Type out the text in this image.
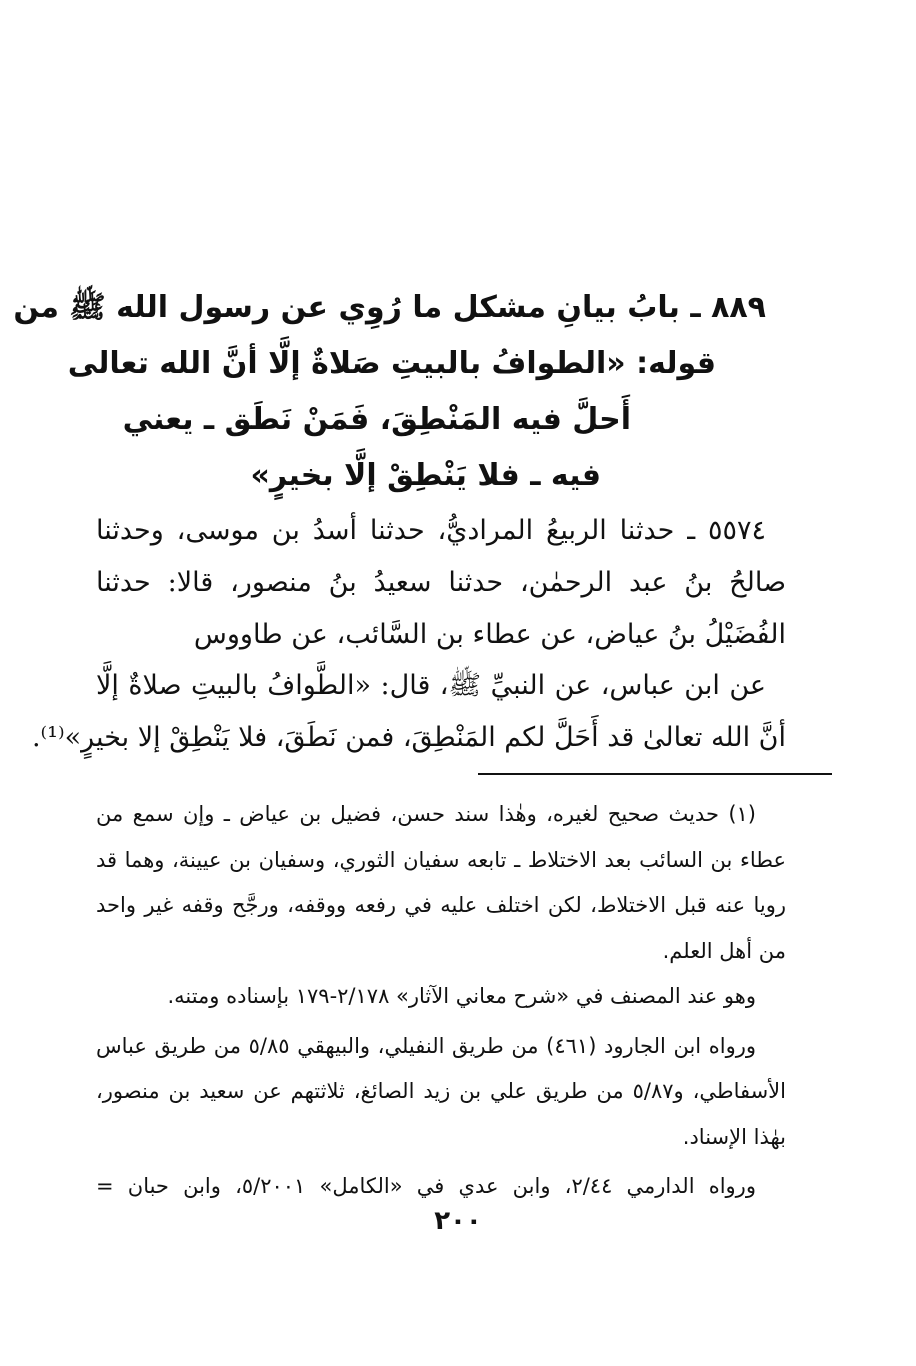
٨٨٩ ـ بابُ بيانِ مشكل ما رُوِي عن رسول الله ﷺ من
قوله: «الطوافُ بالبيتِ صَلاةٌ إلَّا أنَّ الله تعالى
أَحلَّ فيه المَنْطِقَ، فَمَنْ نَطَق ـ يعني
فيه ـ فلا يَنْطِقْ إلَّا بخيرٍ»
٥٥٧٤ ـ حدثنا الربيعُ المراديُّ، حدثنا أسدُ بن موسى، وحدثنا
صالحُ بنُ عبد الرحمٰن، حدثنا سعيدُ بنُ منصور، قالا: حدثنا
الفُضَيْلُ بنُ عياض، عن عطاء بن السَّائب، عن طاووس
عن ابن عباس، عن النبيِّ ﷺ، قال: «الطَّوافُ بالبيتِ صلاةٌ إلَّا
أنَّ الله تعالىٰ قد أَحَلَّ لكم المَنْطِقَ، فمن نَطَقَ، فلا يَنْطِقْ إلا بخيرٍ»⁽¹⁾.
(١) حديث صحيح لغيره، وهٰذا سند حسن، فضيل بن عياض ـ وإن سمع من
عطاء بن السائب بعد الاختلاط ـ تابعه سفيان الثوري، وسفيان بن عيينة، وهما قد
رويا عنه قبل الاختلاط، لكن اختلف عليه في رفعه ووقفه، ورجَّح وقفه غير واحد
من أهل العلم.
وهو عند المصنف في «شرح معاني الآثار» ٢/١٧٨-١٧٩ بإسناده ومتنه.
ورواه ابن الجارود (٤٦١) من طريق النفيلي، والبيهقي ٥/٨٥ من طريق عباس
الأسفاطي، و٥/٨٧ من طريق علي بن زيد الصائغ، ثلاثتهم عن سعيد بن منصور،
بهٰذا الإسناد.
ورواه الدارمي ٢/٤٤، وابن عدي في «الكامل» ٥/٢٠٠١، وابن حبان =
٢٠٠
